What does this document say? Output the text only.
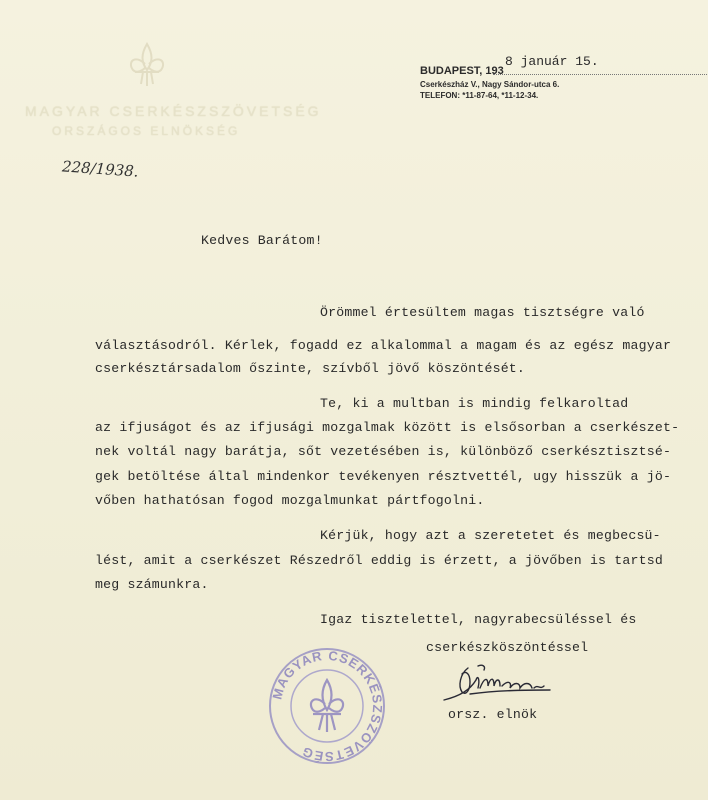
MAGYAR CSERKÉSZSZÖVETSÉG
ORSZÁGOS ELNÖKSÉG
8 január 15.
BUDAPEST, 193
Cserkészház V., Nagy Sándor-utca 6.
TELEFON: *11-87-64, *11-12-34.
228/1938.
Kedves Barátom!
Örömmel értesültem magas tisztségre való
választásodról. Kérlek, fogadd ez alkalommal a magam és az egész magyar
cserkésztársadalom őszinte, szívből jövő köszöntését.
Te, ki a multban is mindig felkaroltad
az ifjuságot és az ifjusági mozgalmak között is elsősorban a cserkészet-
nek voltál nagy barátja, sőt vezetésében is, különböző cserkésztisztsé-
gek betöltése által mindenkor tevékenyen résztvettél, ugy hisszük a jö-
vőben hathatósan fogod mozgalmunkat pártfogolni.
Kérjük, hogy azt a szeretetet és megbecsü-
lést, amit a cserkészet Részedről eddig is érzett, a jövőben is tartsd
meg számunkra.
Igaz tisztelettel, nagyrabecsüléssel és
cserkészköszöntéssel
MAGYAR CSERKÉSZSZÖVETSÉG
orsz. elnök
